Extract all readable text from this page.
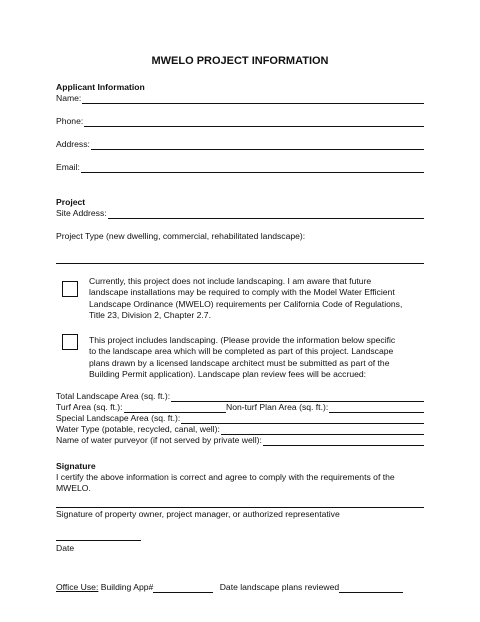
MWELO PROJECT INFORMATION
Applicant Information
Name:
Phone:
Address:
Email:
Project
Site Address:
Project Type (new dwelling, commercial, rehabilitated landscape):
Currently, this project does not include landscaping. I am aware that future
landscape installations may be required to comply with the Model Water Efficient
Landscape Ordinance (MWELO) requirements per California Code of Regulations,
Title 23, Division 2, Chapter 2.7.
This project includes landscaping. (Please provide the information below specific
to the landscape area which will be completed as part of this project. Landscape
plans drawn by a licensed landscape architect must be submitted as part of the
Building Permit application). Landscape plan review fees will be accrued:
Total Landscape Area (sq. ft.):
Turf Area (sq. ft.):	Non-turf Plan Area (sq. ft.):
Special Landscape Area (sq. ft.):
Water Type (potable, recycled, canal, well):
Name of water purveyor (if not served by private well):
Signature
I certify the above information is correct and agree to comply with the requirements of the
MWELO.
Signature of property owner, project manager, or authorized representative
Date
Office Use: Building App#	Date landscape plans reviewed
